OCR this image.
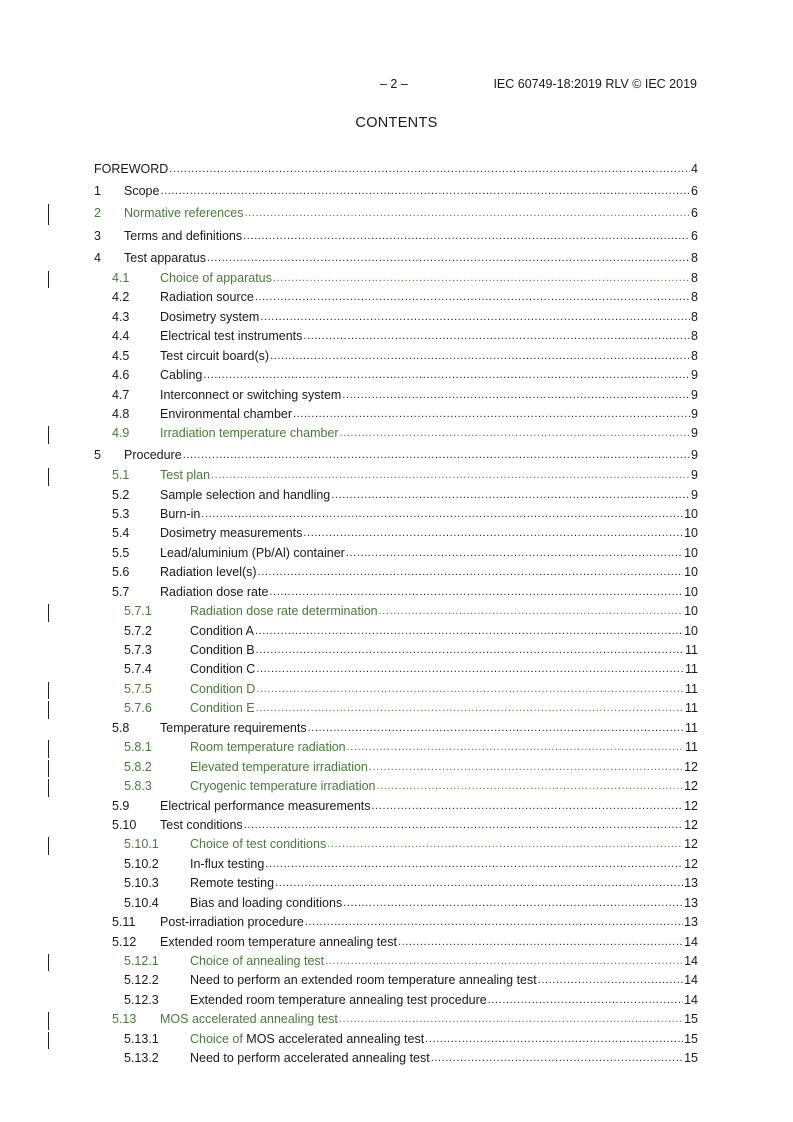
– 2 –	IEC 60749-18:2019 RLV © IEC 2019
CONTENTS
FOREWORD .....	4
1	Scope .....	6
2	Normative references .....	6
3	Terms and definitions .....	6
4	Test apparatus .....	8
4.1	Choice of apparatus .....	8
4.2	Radiation source .....	8
4.3	Dosimetry system .....	8
4.4	Electrical test instruments .....	8
4.5	Test circuit board(s) .....	8
4.6	Cabling .....	9
4.7	Interconnect or switching system .....	9
4.8	Environmental chamber .....	9
4.9	Irradiation temperature chamber .....	9
5	Procedure .....	9
5.1	Test plan .....	9
5.2	Sample selection and handling .....	9
5.3	Burn-in .....	10
5.4	Dosimetry measurements .....	10
5.5	Lead/aluminium (Pb/Al) container .....	10
5.6	Radiation level(s) .....	10
5.7	Radiation dose rate .....	10
5.7.1	Radiation dose rate determination .....	10
5.7.2	Condition A .....	10
5.7.3	Condition B .....	11
5.7.4	Condition C .....	11
5.7.5	Condition D .....	11
5.7.6	Condition E .....	11
5.8	Temperature requirements .....	11
5.8.1	Room temperature radiation .....	11
5.8.2	Elevated temperature irradiation .....	12
5.8.3	Cryogenic temperature irradiation .....	12
5.9	Electrical performance measurements .....	12
5.10	Test conditions .....	12
5.10.1	Choice of test conditions .....	12
5.10.2	In-flux testing .....	12
5.10.3	Remote testing .....	13
5.10.4	Bias and loading conditions .....	13
5.11	Post-irradiation procedure .....	13
5.12	Extended room temperature annealing test .....	14
5.12.1	Choice of annealing test .....	14
5.12.2	Need to perform an extended room temperature annealing test .....	14
5.12.3	Extended room temperature annealing test procedure .....	14
5.13	MOS accelerated annealing test .....	15
5.13.1	Choice of MOS accelerated annealing test .....	15
5.13.2	Need to perform accelerated annealing test .....	15
